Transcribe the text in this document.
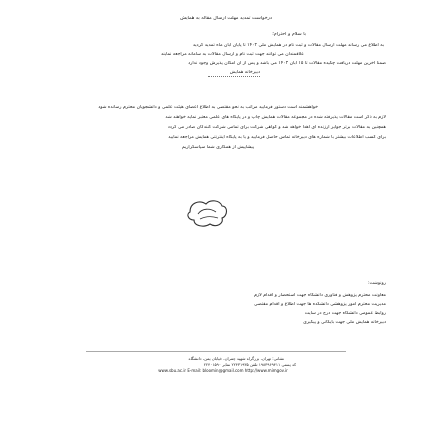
درخواست تمدید مهلت ارسال مقاله به همایش
با سلام و احترام؛
به اطلاع می رساند مهلت ارسال مقالات و ثبت نام در همایش ملی ۱۴۰۲ تا پایان آبان ماه تمدید گردید
علاقمندان می توانند جهت ثبت نام و ارسال مقالات به سامانه مراجعه نمایند
ضمناً آخرین مهلت دریافت چکیده مقالات تا ۱۵ آبان ۱۴۰۲ می باشد و پس از آن امکان پذیرش وجود ندارد
دبیرخانه همایش
خواهشمند است دستور فرمایید مراتب به نحو مقتضی به اطلاع اعضای هیئت علمی و دانشجویان محترم رسانده شود
لازم به ذکر است مقالات پذیرفته شده در مجموعه مقالات همایش چاپ و در پایگاه های علمی معتبر نمایه خواهند شد
همچنین به مقالات برتر جوایز ارزنده ای اهدا خواهد شد و گواهی شرکت برای تمامی شرکت کنندگان صادر می گردد
برای کسب اطلاعات بیشتر با شماره های دبیرخانه تماس حاصل فرمایید و یا به پایگاه اینترنتی همایش مراجعه نمایید
پیشاپیش از همکاری شما سپاسگزاریم
رونوشت:
معاونت محترم پژوهش و فناوری دانشگاه جهت استحضار و اقدام لازم
مدیریت محترم امور پژوهشی دانشکده ها جهت اطلاع و اقدام مقتضی
روابط عمومی دانشگاه جهت درج در سایت
دبیرخانه همایش ملی جهت بایگانی و پیگیری
نشانی: تهران، بزرگراه شهید چمران، خیابان یمن، دانشگاه
کد پستی ۱۹۸۳۹۶۹۴۱۱ تلفن ۲۲۴۳۱۹۳۵ نمابر ۲۲۴۰۱۵۹۰
www.sbu.ac.ir E-mail: bloomin@gmail.com http://www.mimgov.ir
